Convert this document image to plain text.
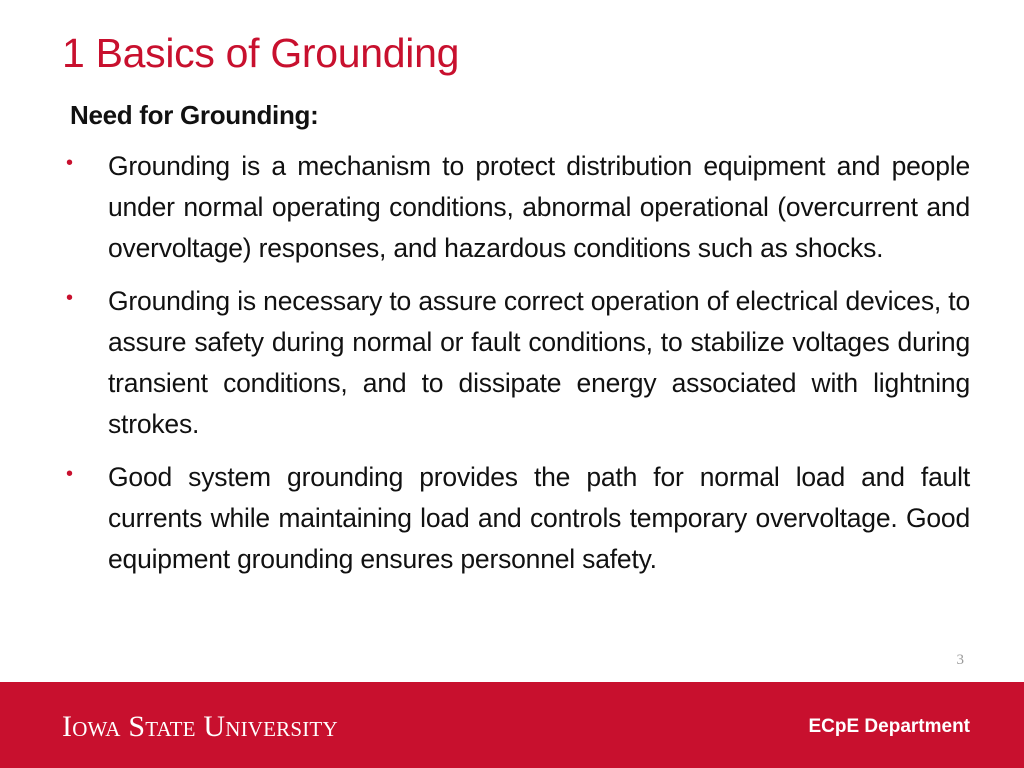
1 Basics of Grounding
Need for Grounding:
• Grounding is a mechanism to protect distribution equipment and people under normal operating conditions, abnormal operational (overcurrent and overvoltage) responses, and hazardous conditions such as shocks.
• Grounding is necessary to assure correct operation of electrical devices, to assure safety during normal or fault conditions, to stabilize voltages during transient conditions, and to dissipate energy associated with lightning strokes.
• Good system grounding provides the path for normal load and fault currents while maintaining load and controls temporary overvoltage. Good equipment grounding ensures personnel safety.
3
Iowa State University	ECpE Department
